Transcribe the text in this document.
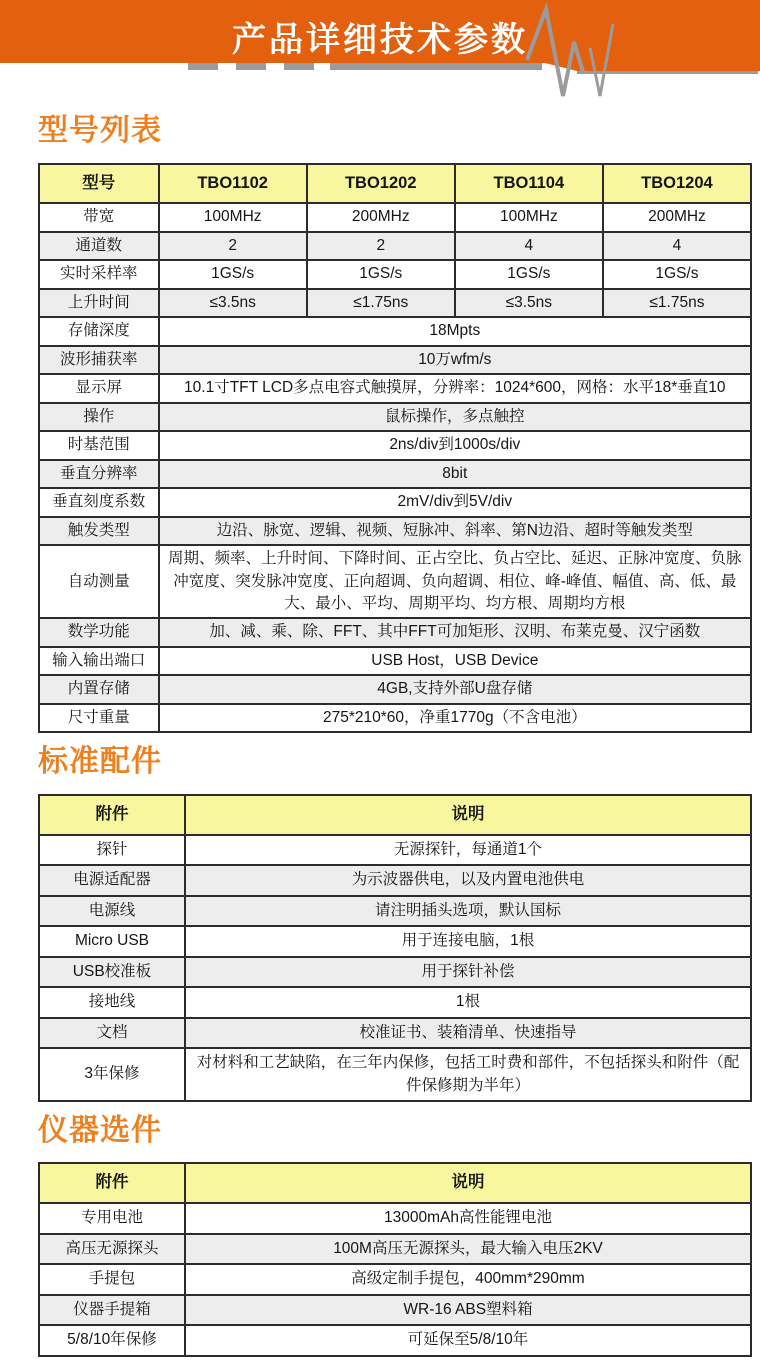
产品详细技术参数
型号列表
型号	TBO1102	TBO1202	TBO1104	TBO1204
带宽	100MHz	200MHz	100MHz	200MHz
通道数	2	2	4	4
实时采样率	1GS/s	1GS/s	1GS/s	1GS/s
上升时间	≤3.5ns	≤1.75ns	≤3.5ns	≤1.75ns
存储深度	18Mpts			
波形捕获率	10万wfm/s			
显示屏	10.1寸TFT LCD多点电容式触摸屏，分辨率：1024*600，网格：水平18*垂直10			
操作	鼠标操作，多点触控			
时基范围	2ns/div到1000s/div			
垂直分辨率	8bit			
垂直刻度系数	2mV/div到5V/div			
触发类型	边沿、脉宽、逻辑、视频、短脉冲、斜率、第N边沿、超时等触发类型			
自动测量	周期、频率、上升时间、下降时间、正占空比、负占空比、延迟、正脉冲宽度、负脉冲宽度、突发脉冲宽度、正向超调、负向超调、相位、峰-峰值、幅值、高、低、最大、最小、平均、周期平均、均方根、周期均方根			
数学功能	加、减、乘、除、FFT、其中FFT可加矩形、汉明、布莱克曼、汉宁函数			
输入输出端口	USB Host，USB Device			
内置存储	4GB,支持外部U盘存储			
尺寸重量	275*210*60，净重1770g（不含电池）			
标准配件
附件	说明
探针	无源探针，每通道1个
电源适配器	为示波器供电，以及内置电池供电
电源线	请注明插头选项，默认国标
Micro USB	用于连接电脑，1根
USB校准板	用于探针补偿
接地线	1根
文档	校准证书、装箱清单、快速指导
3年保修	对材料和工艺缺陷，在三年内保修，包括工时费和部件，不包括探头和附件（配件保修期为半年）
仪器选件
附件	说明
专用电池	13000mAh高性能锂电池
高压无源探头	100M高压无源探头，最大输入电压2KV
手提包	高级定制手提包，400mm*290mm
仪器手提箱	WR-16 ABS塑料箱
5/8/10年保修	可延保至5/8/10年
